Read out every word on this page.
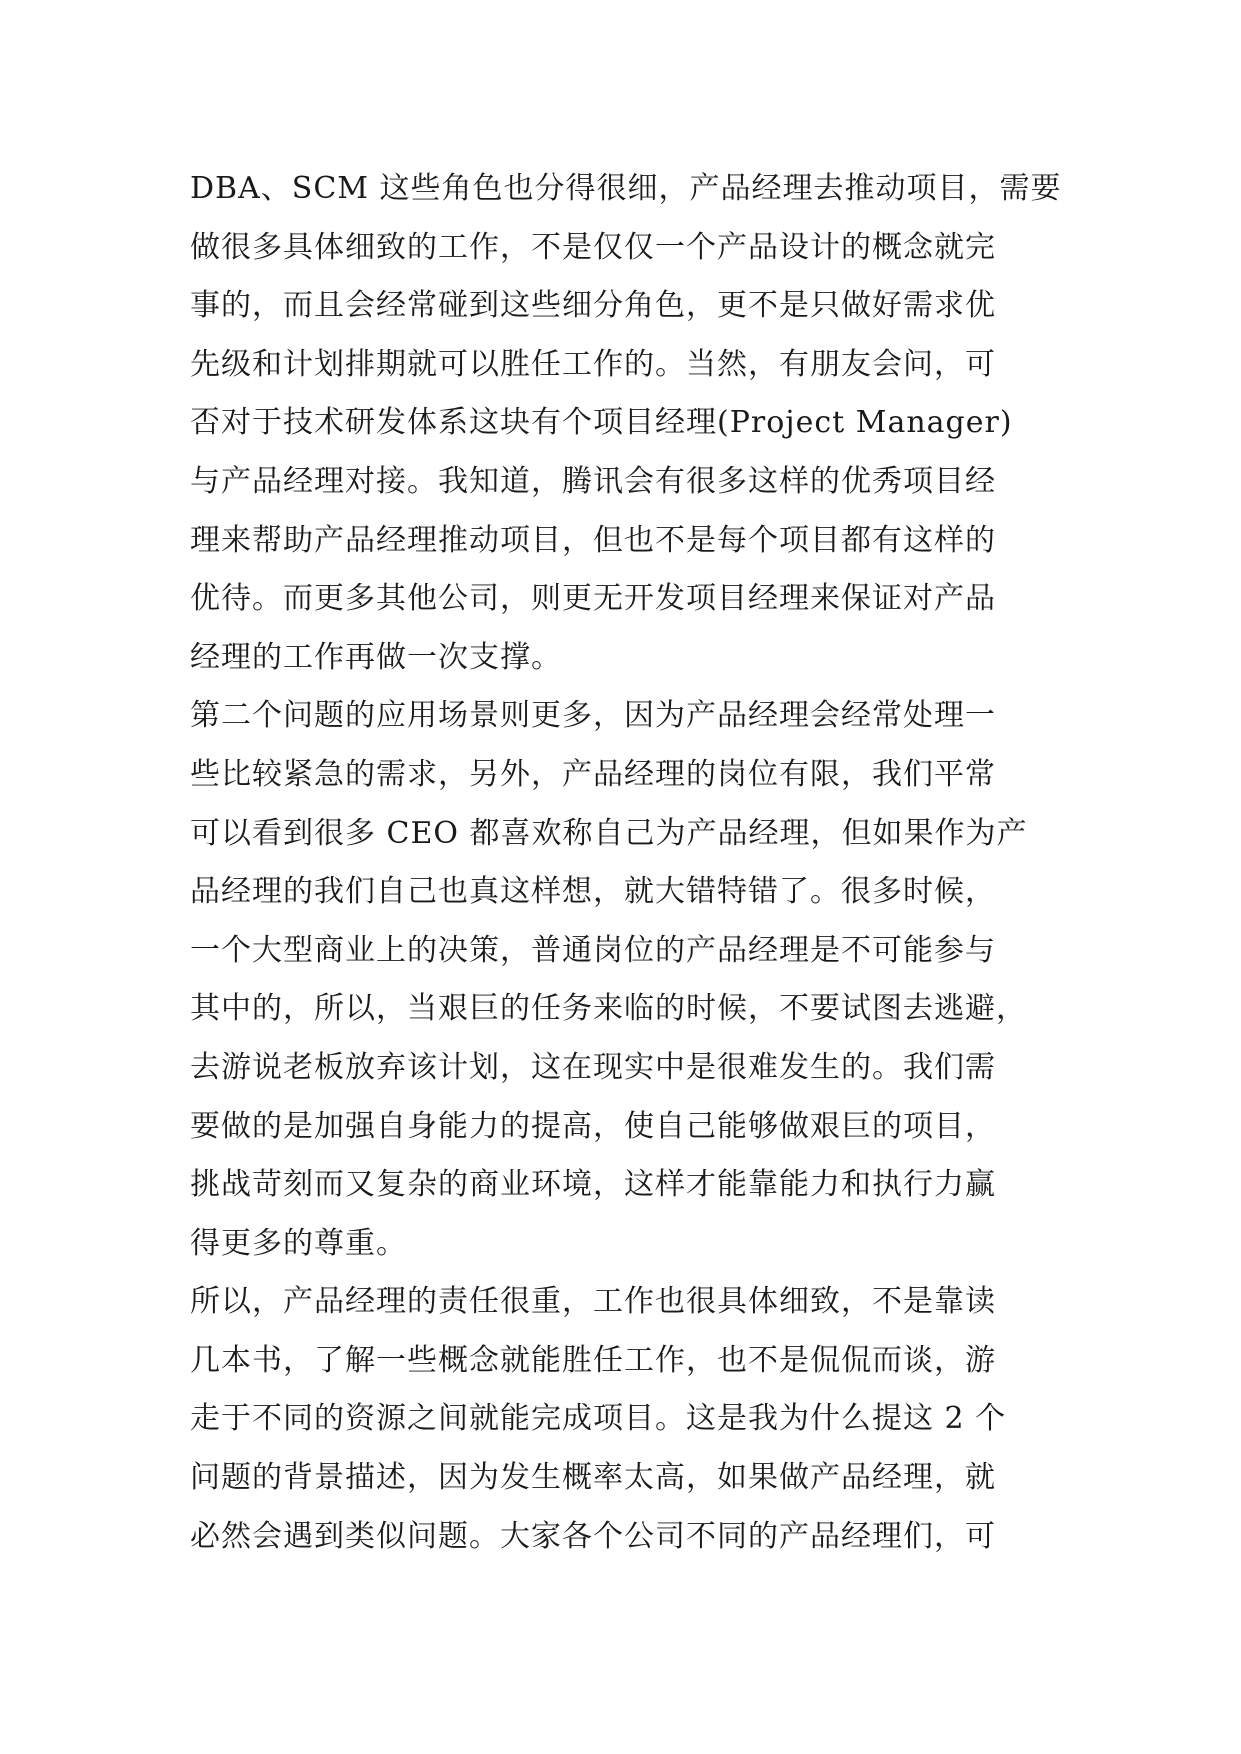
DBA、SCM 这些角色也分得很细，产品经理去推动项目，需要
做很多具体细致的工作，不是仅仅一个产品设计的概念就完
事的，而且会经常碰到这些细分角色，更不是只做好需求优
先级和计划排期就可以胜任工作的。当然，有朋友会问，可
否对于技术研发体系这块有个项目经理(Project Manager)
与产品经理对接。我知道，腾讯会有很多这样的优秀项目经
理来帮助产品经理推动项目，但也不是每个项目都有这样的
优待。而更多其他公司，则更无开发项目经理来保证对产品
经理的工作再做一次支撑。
第二个问题的应用场景则更多，因为产品经理会经常处理一
些比较紧急的需求，另外，产品经理的岗位有限，我们平常
可以看到很多 CEO 都喜欢称自己为产品经理，但如果作为产
品经理的我们自己也真这样想，就大错特错了。很多时候，
一个大型商业上的决策，普通岗位的产品经理是不可能参与
其中的，所以，当艰巨的任务来临的时候，不要试图去逃避，
去游说老板放弃该计划，这在现实中是很难发生的。我们需
要做的是加强自身能力的提高，使自己能够做艰巨的项目，
挑战苛刻而又复杂的商业环境，这样才能靠能力和执行力赢
得更多的尊重。
所以，产品经理的责任很重，工作也很具体细致，不是靠读
几本书，了解一些概念就能胜任工作，也不是侃侃而谈，游
走于不同的资源之间就能完成项目。这是我为什么提这 2 个
问题的背景描述，因为发生概率太高，如果做产品经理，就
必然会遇到类似问题。大家各个公司不同的产品经理们，可
